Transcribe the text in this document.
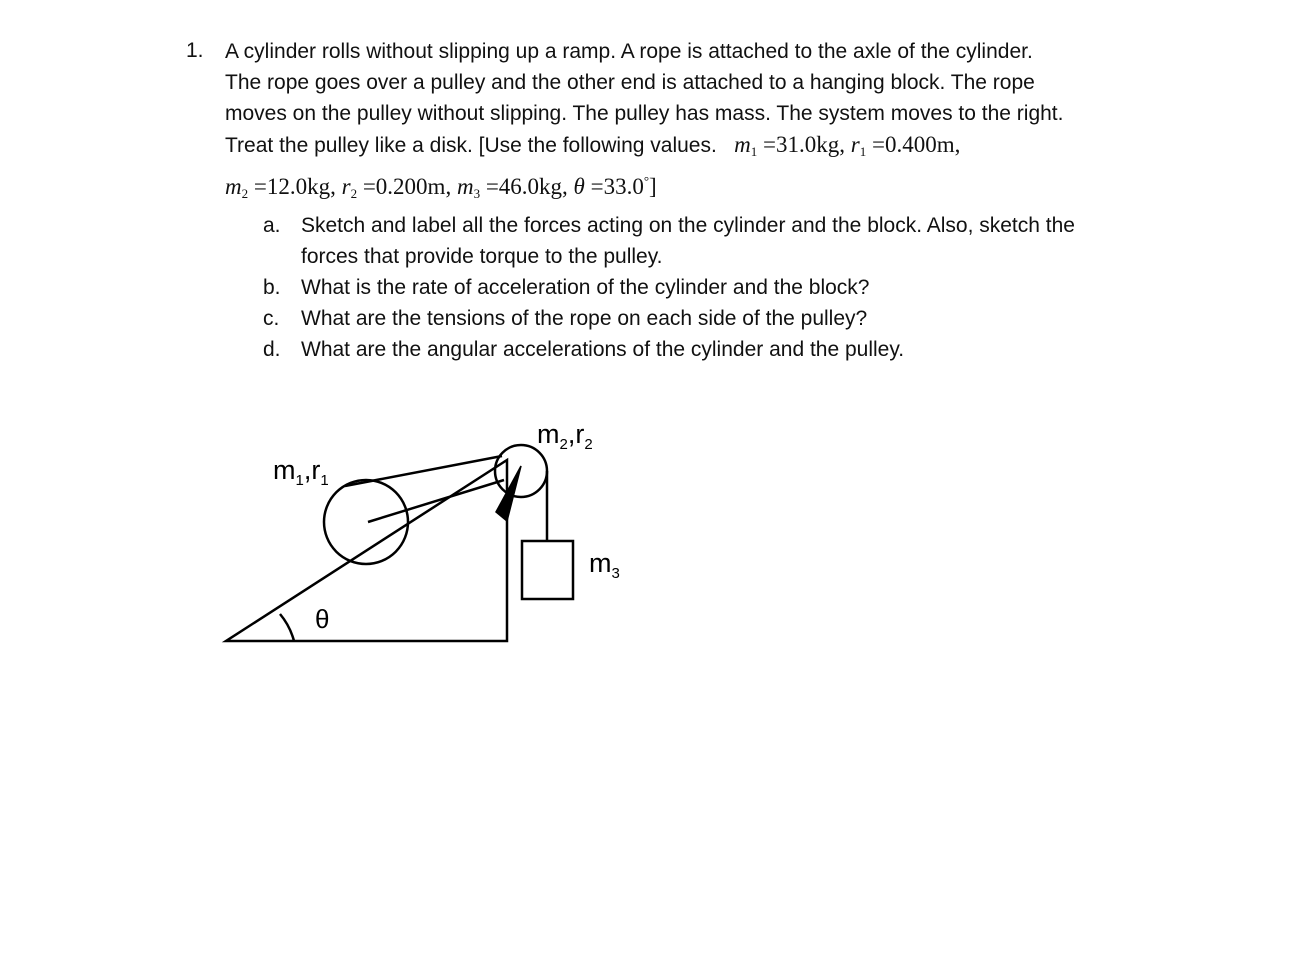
1. A cylinder rolls without slipping up a ramp. A rope is attached to the axle of the cylinder.
The rope goes over a pulley and the other end is attached to a hanging block. The rope
moves on the pulley without slipping. The pulley has mass. The system moves to the right.
Treat the pulley like a disk. [Use the following values. $m_1 =31.0kg$, $r_1 =0.400m$,
$m_2 =12.0kg$, $r_2 =0.200m$, $m_3 =46.0kg$, θ =33.0°]
a. Sketch and label all the forces acting on the cylinder and the block. Also, sketch the
forces that provide torque to the pulley.
b. What is the rate of acceleration of the cylinder and the block?
c. What are the tensions of the rope on each side of the pulley?
d. What are the angular accelerations of the cylinder and the pulley.
$m_1,r_1$
$m_2,r_2$
$m_3$
θ
